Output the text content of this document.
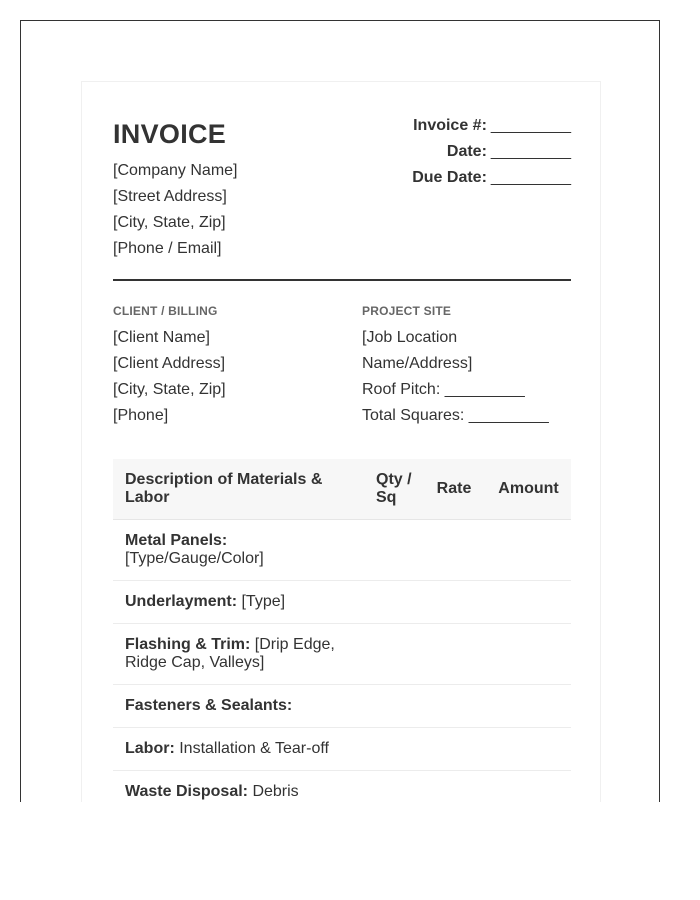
INVOICE
[Company Name]
[Street Address]
[City, State, Zip]
[Phone / Email]
Invoice #: _________
Date: _________
Due Date: _________
CLIENT / BILLING
[Client Name]
[Client Address]
[City, State, Zip]
[Phone]
PROJECT SITE
[Job Location
Name/Address]
Roof Pitch: _________
Total Squares: _________
Description of Materials & Labor
Qty / Sq
Rate	Amount
Metal Panels:
[Type/Gauge/Color]
Underlayment: [Type]
Flashing & Trim: [Drip Edge, Ridge Cap, Valleys]
Fasteners & Sealants:
Labor: Installation & Tear-off
Waste Disposal: Debris
